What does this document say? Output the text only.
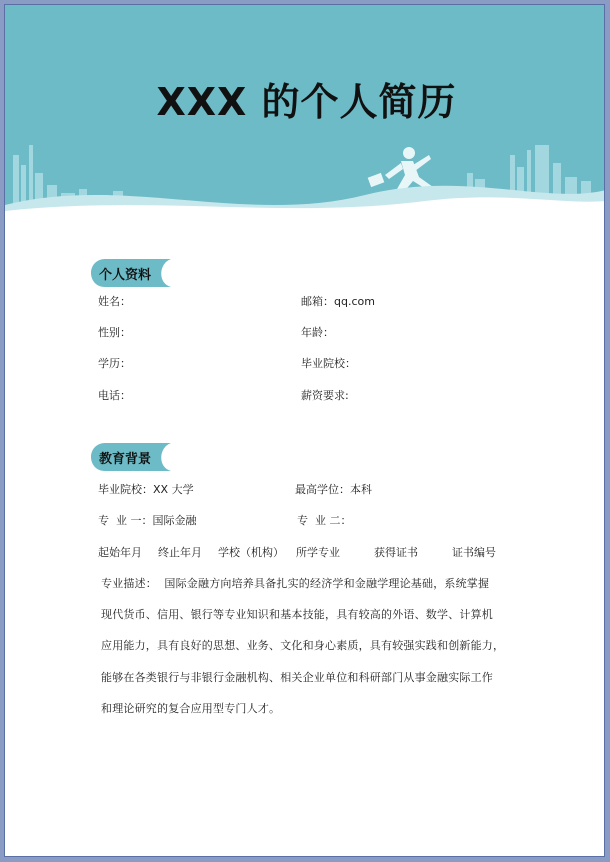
XXX 的个人简历
个人资料
姓名：	邮箱：qq.com
性别：	年龄：
学历：	毕业院校：
电话：	薪资要求:
教育背景
毕业院校：XX 大学	最高学位：本科
专  业 一：国际金融	专  业 二：
起始年月 终止年月 学校（机构） 所学专业	获得证书	证书编号
专业描述：  国际金融方向培养具备扎实的经济学和金融学理论基础，系统掌握
现代货币、信用、银行等专业知识和基本技能，具有较高的外语、数学、计算机
应用能力，具有良好的思想、业务、文化和身心素质，具有较强实践和创新能力，
能够在各类银行与非银行金融机构、相关企业单位和科研部门从事金融实际工作
和理论研究的复合应用型专门人才。
